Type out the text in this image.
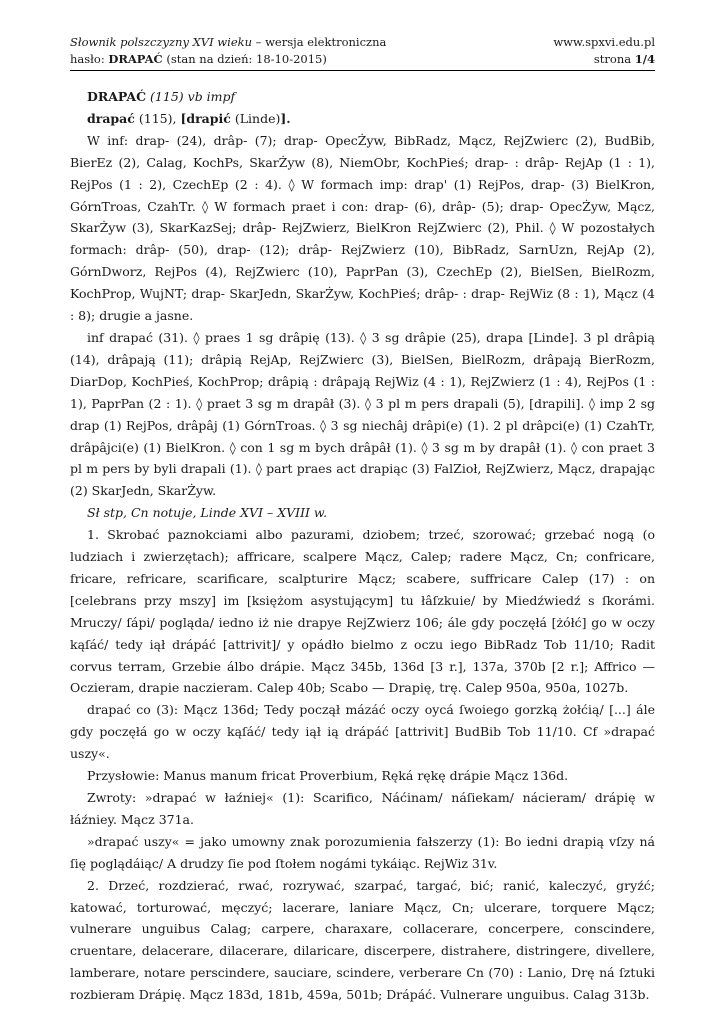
Słownik polszczyzny XVI wieku – wersja elektroniczna	www.spxvi.edu.pl
hasło: DRAPAĆ (stan na dzień: 18-10-2015)	strona 1/4

DRAPAĆ (115) vb impf

drapać (115), [drapić (Linde)].

W inf: drap- (24), drâp- (7); drap- OpecŻyw, BibRadz, Mącz, RejZwierc (2), BudBib, BierEz (2), Calag, KochPs, SkarŻyw (8), NiemObr, KochPieś; drap- : drâp- RejAp (1 : 1), RejPos (1 : 2), CzechEp (2 : 4). ◊ W formach imp: drap' (1) RejPos, drap- (3) BielKron, GórnTroas, CzahTr. ◊ W formach praet i con: drap- (6), drâp- (5); drap- OpecŻyw, Mącz, SkarŻyw (3), SkarKazSej; drâp- RejZwierz, BielKron RejZwierc (2), Phil. ◊ W pozostałych formach: drâp- (50), drap- (12); drâp- RejZwierz (10), BibRadz, SarnUzn, RejAp (2), GórnDworz, RejPos (4), RejZwierc (10), PaprPan (3), CzechEp (2), BielSen, BielRozm, KochProp, WujNT; drap- SkarJedn, SkarŻyw, KochPieś; drâp- : drap- RejWiz (8 : 1), Mącz (4 : 8); drugie a jasne.

inf drapać (31). ◊ praes 1 sg drâpię (13). ◊ 3 sg drâpie (25), drapa [Linde]. 3 pl drâpią (14), drâpają (11); drâpią RejAp, RejZwierc (3), BielSen, BielRozm, drâpają BierRozm, DiarDop, KochPieś, KochProp; drâpią : drâpają RejWiz (4 : 1), RejZwierz (1 : 4), RejPos (1 : 1), PaprPan (2 : 1). ◊ praet 3 sg m drapâł (3). ◊ 3 pl m pers drapali (5), [drapili]. ◊ imp 2 sg drap (1) RejPos, drâpâj (1) GórnTroas. ◊ 3 sg niechâj drâpi(e) (1). 2 pl drâpci(e) (1) CzahTr, drâpâjci(e) (1) BielKron. ◊ con 1 sg m bych drâpâł (1). ◊ 3 sg m by drapâł (1). ◊ con praet 3 pl m pers by byli drapali (1). ◊ part praes act drapiąc (3) FalZioł, RejZwierz, Mącz, drapając (2) SkarJedn, SkarŻyw.

Sł stp, Cn notuje, Linde XVI – XVIII w.

1. Skrobać paznokciami albo pazurami, dziobem; trzeć, szorować; grzebać nogą (o ludziach i zwierzętach); affricare, scalpere Mącz, Calep; radere Mącz, Cn; confricare, fricare, refricare, scarificare, scalpturire Mącz; scabere, suffricare Calep (17) : on [celebrans przy mszy] im [księżom asystującym] tu łâſzkuie/ by Miedźwiedź s ſkorámi. Mruczy/ ſápi/ pogląda/ iedno iż nie drapye RejZwierz 106; ále gdy poczęłá [żółć] go w oczy kąſáć/ tedy iął drápáć [attrivit]/ y opádło bielmo z oczu iego BibRadz Tob 11/10; Radit corvus terram, Grzebie álbo drápie. Mącz 345b, 136d [3 r.], 137a, 370b [2 r.]; Affrico — Oczieram, drapie naczieram. Calep 40b; Scabo — Drapię, trę. Calep 950a, 950a, 1027b.

drapać co (3): Mącz 136d; Tedy począł mázáć oczy oycá ſwoiego gorzką żołćią/ [...] ále gdy poczęłá go w oczy kąſáć/ tedy iął ią drápáć [attrivit] BudBib Tob 11/10. Cf »drapać uszy«.

Przysłowie: Manus manum fricat Proverbium, Ręká rękę drápie Mącz 136d.

Zwroty: »drapać w łaźniej« (1): Scarifico, Náćinam/ náſiekam/ nácieram/ drápię w łáźniey. Mącz 371a.

»drapać uszy« = jako umowny znak porozumienia fałszerzy (1): Bo iedni drapią vſzy ná ſię poglądáiąc/ A drudzy ſie pod ſtołem nogámi tykáiąc. RejWiz 31v.

2. Drzeć, rozdzierać, rwać, rozrywać, szarpać, targać, bić; ranić, kaleczyć, gryźć; katować, torturować, męczyć; lacerare, laniare Mącz, Cn; ulcerare, torquere Mącz; vulnerare unguibus Calag; carpere, charaxare, collacerare, concerpere, conscindere, cruentare, delacerare, dilacerare, dilaricare, discerpere, distrahere, distringere, divellere, lamberare, notare perscindere, sauciare, scindere, verberare Cn (70) : Lanio, Drę ná ſztuki rozbieram Drápię. Mącz 183d, 181b, 459a, 501b; Drápáć. Vulnerare unguibus. Calag 313b.
